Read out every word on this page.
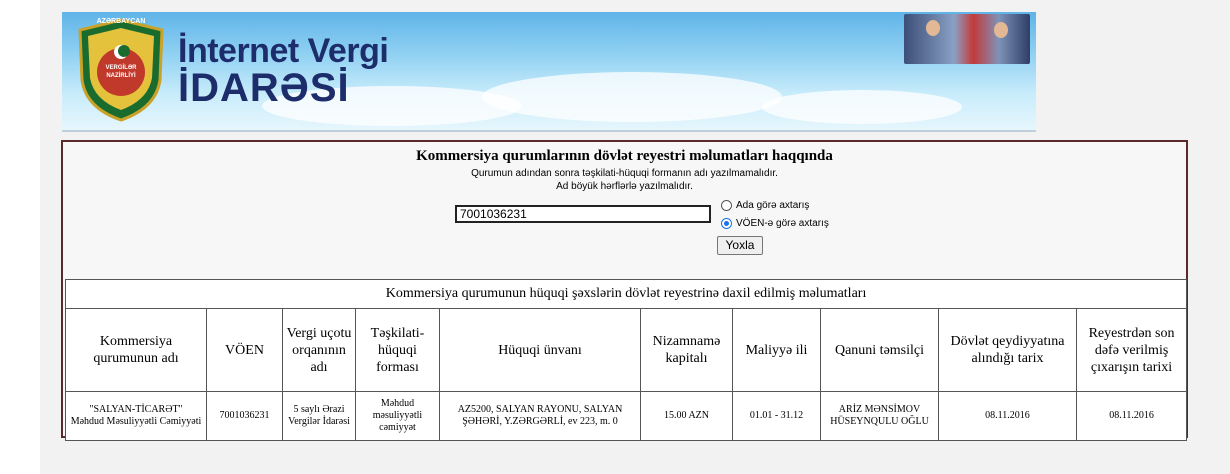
AZƏRBAYCAN
VERGİLƏR NAZİRLİYİ
VN
İnternet Vergi
İDARƏSİ
Kommersiya qurumlarının dövlət reyestri məlumatları haqqında
Qurumun adından sonra təşkilati-hüquqi formanın adı yazılmamalıdır.
Ad böyük hərflərlə yazılmalıdır.
7001036231
Ada görə axtarış
VÖEN-ə görə axtarış
Yoxla
Kommersiya qurumunun hüquqi şəxslərin dövlət reyestrinə daxil edilmiş məlumatları									
Kommersiya qurumunun adı	VÖEN	Vergi uçotu orqanının adı	Təşkilati-hüquqi forması	Hüquqi ünvanı	Nizamnamə kapitalı	Maliyyə ili	Qanuni təmsilçi	Dövlət qeydiyyatına alındığı tarix	Reyestrdən son dəfə verilmiş çıxarışın tarixi

"SALYAN-TİCARƏT"
Məhdud Məsuliyyətli Cəmiyyəti	7001036231	5 saylı Ərazi Vergilər İdarəsi	Məhdud məsuliyyətli cəmiyyət	AZ5200, SALYAN RAYONU, SALYAN ŞƏHƏRİ, Y.ZƏRGƏRLİ, ev 223, m. 0	15.00 AZN	01.01 - 31.12	ARİZ MƏNSİMOV HÜSEYNQULU OĞLU	08.11.2016	08.11.2016
